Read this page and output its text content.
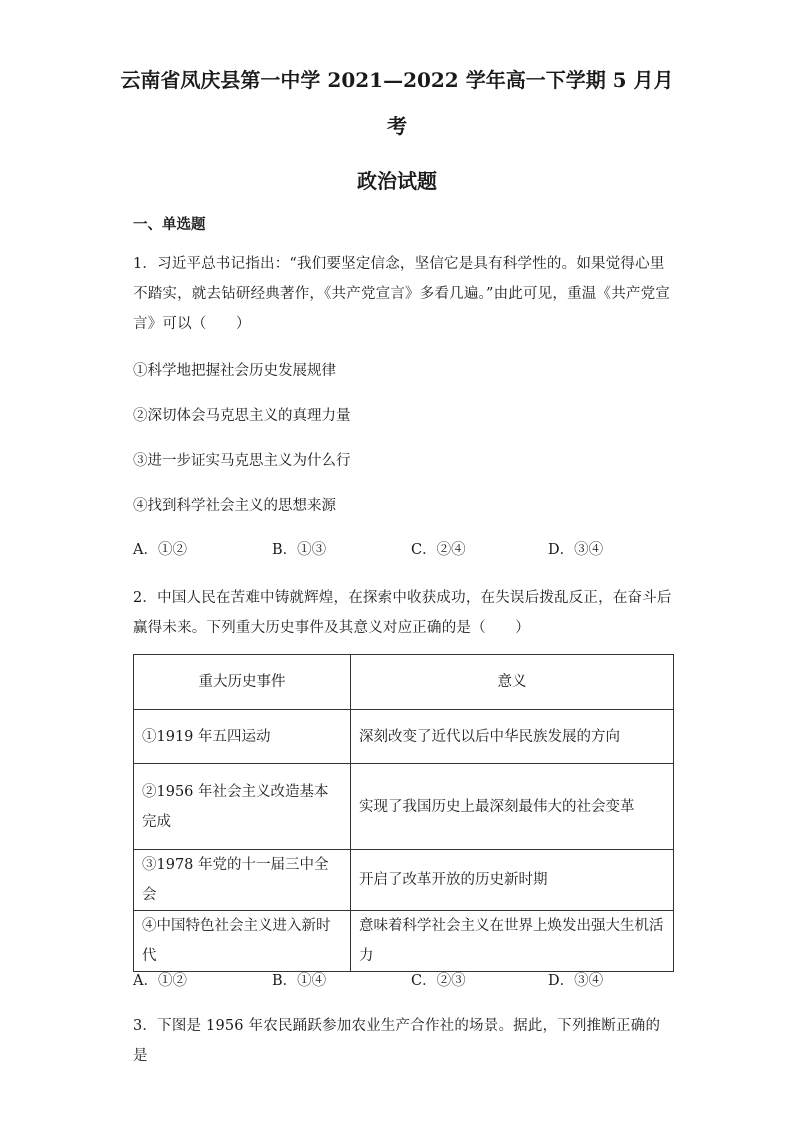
云南省凤庆县第一中学 2021—2022 学年高一下学期 5 月月
考
政治试题

一、单选题

1．习近平总书记指出：“我们要坚定信念，坚信它是具有科学性的。如果觉得心里不踏实，就去钻研经典著作，《共产党宣言》多看几遍。”由此可见，重温《共产党宣言》可以（　　）

①科学地把握社会历史发展规律

②深切体会马克思主义的真理力量

③进一步证实马克思主义为什么行

④找到科学社会主义的思想来源

A．①②	B．①③	C．②④	D．③④

2．中国人民在苦难中铸就辉煌，在探索中收获成功，在失误后拨乱反正，在奋斗后赢得未来。下列重大历史事件及其意义对应正确的是（　　）

重大历史事件	意义
①1919 年五四运动	深刻改变了近代以后中华民族发展的方向
②1956 年社会主义改造基本完成	实现了我国历史上最深刻最伟大的社会变革
③1978 年党的十一届三中全会	开启了改革开放的历史新时期
④中国特色社会主义进入新时代	意味着科学社会主义在世界上焕发出强大生机活力
A．①②	B．①④	C．②③	D．③④

3．下图是 1956 年农民踊跃参加农业生产合作社的场景。据此，下列推断正确的是
